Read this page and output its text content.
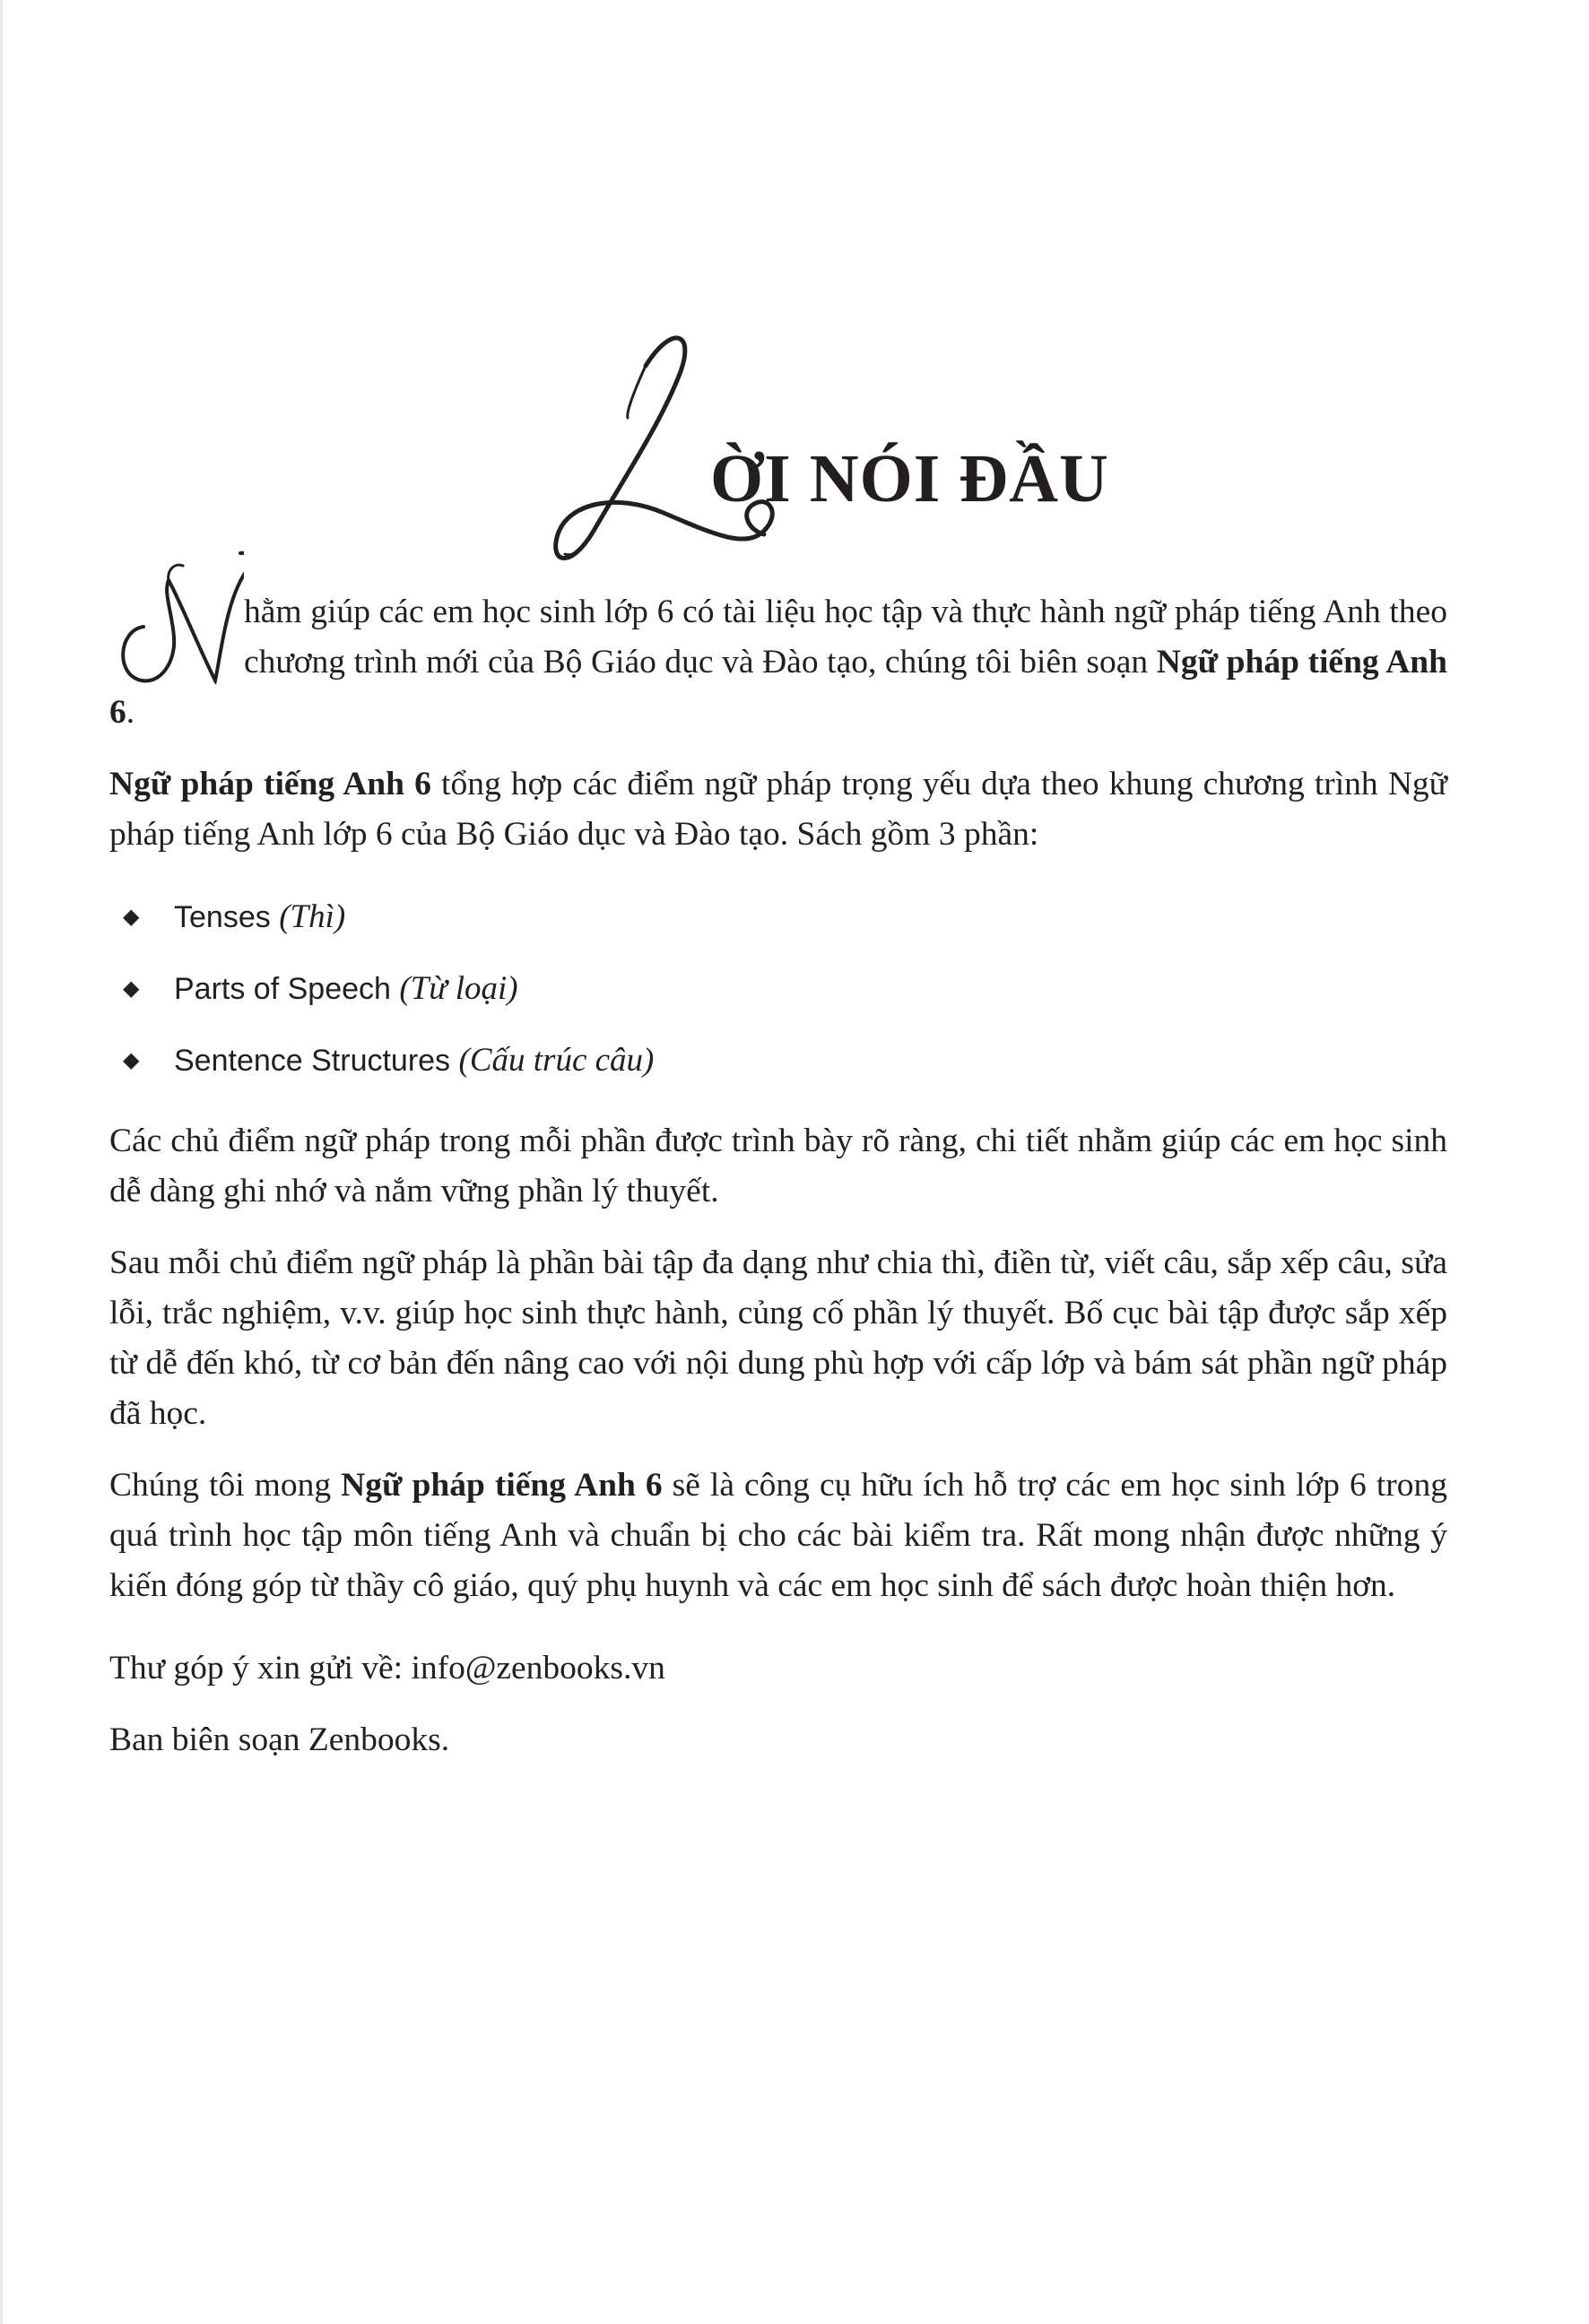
ỜI NÓI ĐẦU

hằm giúp các em học sinh lớp 6 có tài liệu học tập và thực hành ngữ pháp tiếng Anh theo chương trình mới của Bộ Giáo dục và Đào tạo, chúng tôi biên soạn Ngữ pháp tiếng Anh 6.

Ngữ pháp tiếng Anh 6 tổng hợp các điểm ngữ pháp trọng yếu dựa theo khung chương trình Ngữ pháp tiếng Anh lớp 6 của Bộ Giáo dục và Đào tạo. Sách gồm 3 phần:

◆ Tenses (Thì)
◆ Parts of Speech (Từ loại)
◆ Sentence Structures (Cấu trúc câu)

Các chủ điểm ngữ pháp trong mỗi phần được trình bày rõ ràng, chi tiết nhằm giúp các em học sinh dễ dàng ghi nhớ và nắm vững phần lý thuyết.

Sau mỗi chủ điểm ngữ pháp là phần bài tập đa dạng như chia thì, điền từ, viết câu, sắp xếp câu, sửa lỗi, trắc nghiệm, v.v. giúp học sinh thực hành, củng cố phần lý thuyết. Bố cục bài tập được sắp xếp từ dễ đến khó, từ cơ bản đến nâng cao với nội dung phù hợp với cấp lớp và bám sát phần ngữ pháp đã học.

Chúng tôi mong Ngữ pháp tiếng Anh 6 sẽ là công cụ hữu ích hỗ trợ các em học sinh lớp 6 trong quá trình học tập môn tiếng Anh và chuẩn bị cho các bài kiểm tra. Rất mong nhận được những ý kiến đóng góp từ thầy cô giáo, quý phụ huynh và các em học sinh để sách được hoàn thiện hơn.

Thư góp ý xin gửi về: info@zenbooks.vn

Ban biên soạn Zenbooks.
